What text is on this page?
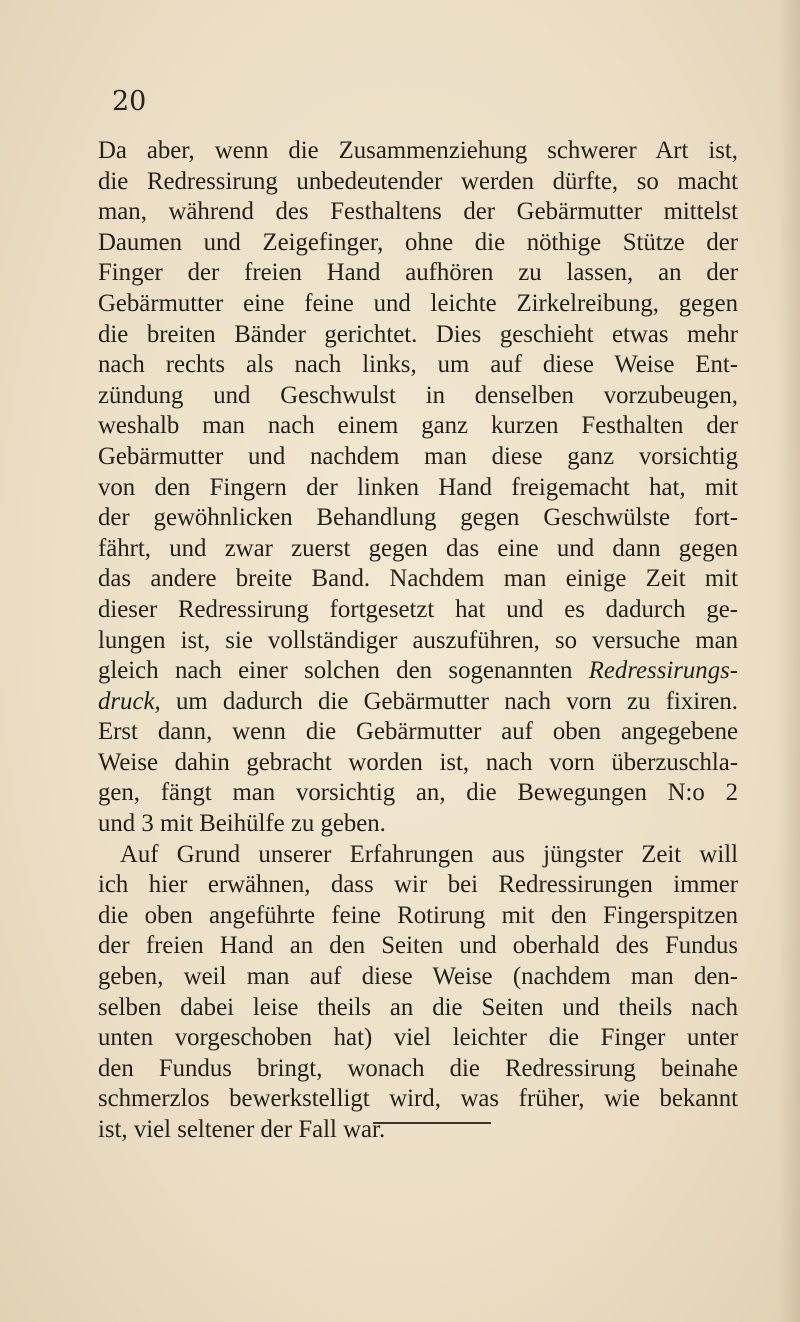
20

Da aber, wenn die Zusammenziehung schwerer Art ist,
die Redressirung unbedeutender werden dürfte, so macht
man, während des Festhaltens der Gebärmutter mittelst
Daumen und Zeigefinger, ohne die nöthige Stütze der
Finger der freien Hand aufhören zu lassen, an der
Gebärmutter eine feine und leichte Zirkelreibung, gegen
die breiten Bänder gerichtet. Dies geschieht etwas mehr
nach rechts als nach links, um auf diese Weise Ent-
zündung und Geschwulst in denselben vorzubeugen,
weshalb man nach einem ganz kurzen Festhalten der
Gebärmutter und nachdem man diese ganz vorsichtig
von den Fingern der linken Hand freigemacht hat, mit
der gewöhnlicken Behandlung gegen Geschwülste fort-
fährt, und zwar zuerst gegen das eine und dann gegen
das andere breite Band. Nachdem man einige Zeit mit
dieser Redressirung fortgesetzt hat und es dadurch ge-
lungen ist, sie vollständiger auszuführen, so versuche man
gleich nach einer solchen den sogenannten Redressirungs-
druck, um dadurch die Gebärmutter nach vorn zu fixiren.
Erst dann, wenn die Gebärmutter auf oben angegebene
Weise dahin gebracht worden ist, nach vorn überzuschla-
gen, fängt man vorsichtig an, die Bewegungen N:o 2
und 3 mit Beihülfe zu geben.
Auf Grund unserer Erfahrungen aus jüngster Zeit will
ich hier erwähnen, dass wir bei Redressirungen immer
die oben angeführte feine Rotirung mit den Fingerspitzen
der freien Hand an den Seiten und oberhald des Fundus
geben, weil man auf diese Weise (nachdem man den-
selben dabei leise theils an die Seiten und theils nach
unten vorgeschoben hat) viel leichter die Finger unter
den Fundus bringt, wonach die Redressirung beinahe
schmerzlos bewerkstelligt wird, was früher, wie bekannt
ist, viel seltener der Fall war.
